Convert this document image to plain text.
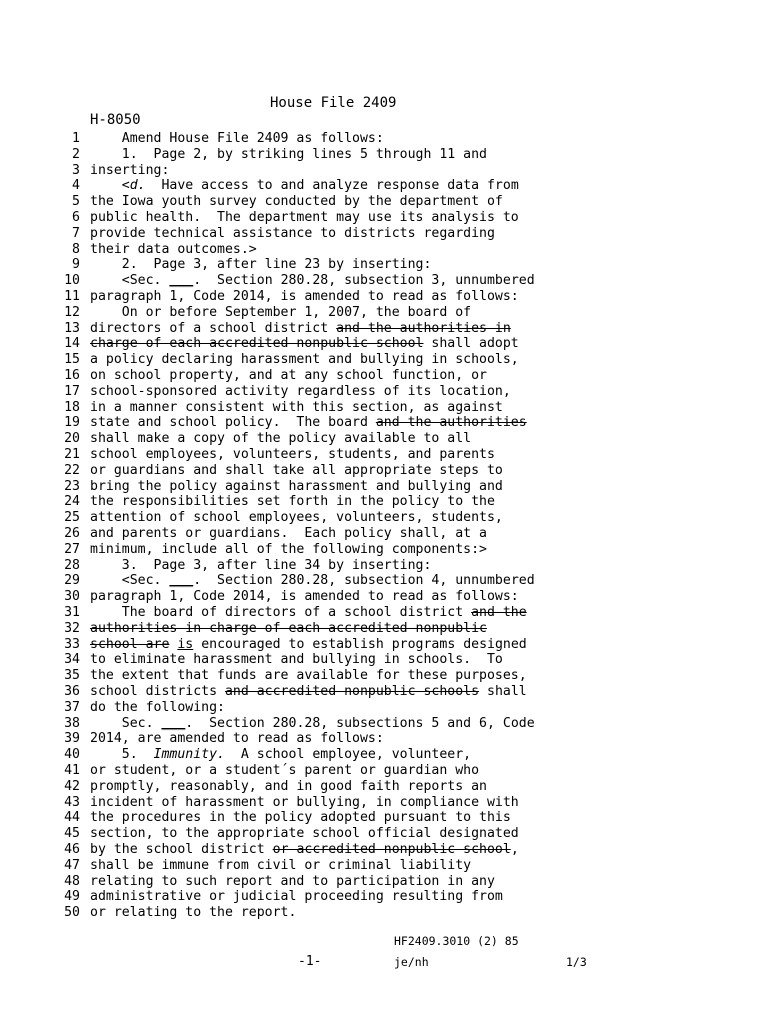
House File 2409
H-8050
1 Amend House File 2409 as follows:
2 1.  Page 2, by striking lines 5 through 11 and
3 inserting:
4 <d.  Have access to and analyze response data from
5 the Iowa youth survey conducted by the department of
6 public health.  The department may use its analysis to
7 provide technical assistance to districts regarding
8 their data outcomes.>
9 2.  Page 3, after line 23 by inserting:
10 <Sec. ___.  Section 280.28, subsection 3, unnumbered
11 paragraph 1, Code 2014, is amended to read as follows:
12 On or before September 1, 2007, the board of
13 directors of a school district and the authorities in
14 charge of each accredited nonpublic school shall adopt
15 a policy declaring harassment and bullying in schools,
16 on school property, and at any school function, or
17 school-sponsored activity regardless of its location,
18 in a manner consistent with this section, as against
19 state and school policy.  The board and the authorities
20 shall make a copy of the policy available to all
21 school employees, volunteers, students, and parents
22 or guardians and shall take all appropriate steps to
23 bring the policy against harassment and bullying and
24 the responsibilities set forth in the policy to the
25 attention of school employees, volunteers, students,
26 and parents or guardians.  Each policy shall, at a
27 minimum, include all of the following components:>
28 3.  Page 3, after line 34 by inserting:
29 <Sec. ___.  Section 280.28, subsection 4, unnumbered
30 paragraph 1, Code 2014, is amended to read as follows:
31 The board of directors of a school district and the
32 authorities in charge of each accredited nonpublic
33 school are is encouraged to establish programs designed
34 to eliminate harassment and bullying in schools.  To
35 the extent that funds are available for these purposes,
36 school districts and accredited nonpublic schools shall
37 do the following:
38 Sec. ___.  Section 280.28, subsections 5 and 6, Code
39 2014, are amended to read as follows:
40 5.  Immunity.  A school employee, volunteer,
41 or student, or a student´s parent or guardian who
42 promptly, reasonably, and in good faith reports an
43 incident of harassment or bullying, in compliance with
44 the procedures in the policy adopted pursuant to this
45 section, to the appropriate school official designated
46 by the school district or accredited nonpublic school,
47 shall be immune from civil or criminal liability
48 relating to such report and to participation in any
49 administrative or judicial proceeding resulting from
50 or relating to the report.
HF2409.3010 (2) 85
-1-	je/nh	1/3
